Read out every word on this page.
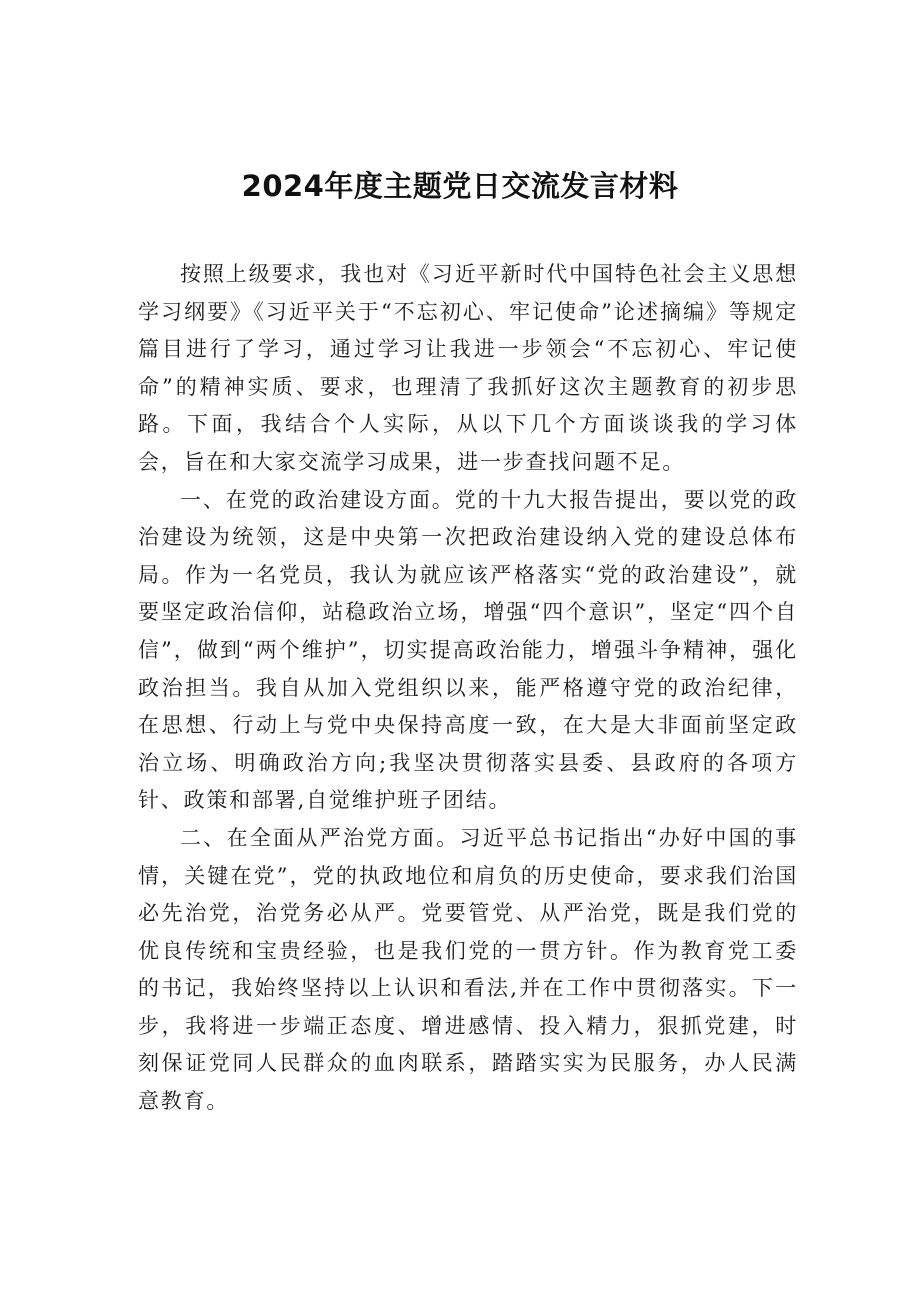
2024年度主题党日交流发言材料

按照上级要求，我也对《习近平新时代中国特色社会主义思想学习纲要》《习近平关于“不忘初心、牢记使命”论述摘编》等规定篇目进行了学习，通过学习让我进一步领会“不忘初心、牢记使命”的精神实质、要求，也理清了我抓好这次主题教育的初步思路。下面，我结合个人实际，从以下几个方面谈谈我的学习体会，旨在和大家交流学习成果，进一步查找问题不足。

一、在党的政治建设方面。党的十九大报告提出，要以党的政治建设为统领，这是中央第一次把政治建设纳入党的建设总体布局。作为一名党员，我认为就应该严格落实“党的政治建设”，就要坚定政治信仰，站稳政治立场，增强“四个意识”，坚定“四个自信”，做到“两个维护”，切实提高政治能力，增强斗争精神，强化政治担当。我自从加入党组织以来，能严格遵守党的政治纪律，在思想、行动上与党中央保持高度一致，在大是大非面前坚定政治立场、明确政治方向;我坚决贯彻落实县委、县政府的各项方针、政策和部署,自觉维护班子团结。

二、在全面从严治党方面。习近平总书记指出“办好中国的事情，关键在党”，党的执政地位和肩负的历史使命，要求我们治国必先治党，治党务必从严。党要管党、从严治党，既是我们党的优良传统和宝贵经验，也是我们党的一贯方针。作为教育党工委的书记，我始终坚持以上认识和看法,并在工作中贯彻落实。下一步，我将进一步端正态度、增进感情、投入精力，狠抓党建，时刻保证党同人民群众的血肉联系，踏踏实实为民服务，办人民满意教育。
